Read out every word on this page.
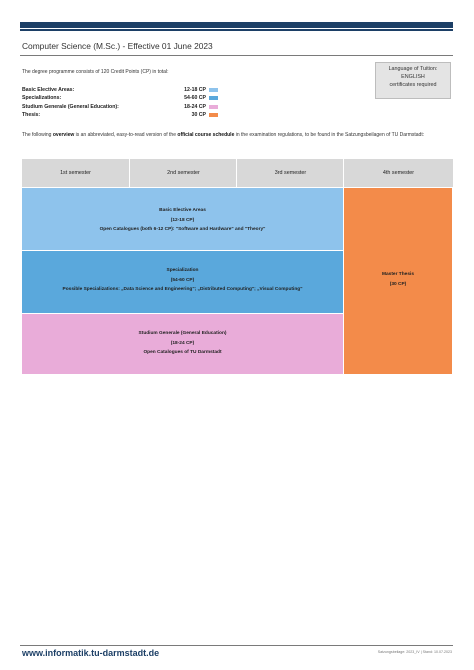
Computer Science (M.Sc.) - Effective 01 June 2023
The degree programme consists of 120 Credit Points (CP) in total:
Basic Elective Areas:	12-18 CP
Specializations:	54-60 CP
Studium Generale (General Education):	18-24 CP
Thesis:	30 CP
Language of Tuition:
ENGLISH
certificates required
The following overview is an abbreviated, easy-to-read version of the official course schedule in the examination regulations, to be found in the Satzungsbeilagen of TU Darmstadt:
1st semester	2nd semester	3rd semester	4th semester
Basic Elective Areas
(12-18 CP)
Open Catalogues (both 6-12 CP): "Software and Hardware" and "Theory"
Specialization
(54-60 CP)
Possible Specializations: „Data Science and Engineering"; „Distributed Computing"; „Visual Computing"
Studium Generale (General Education)
(18-24 CP)
Open Catalogues of TU Darmstadt
Master Thesis
(30 CP)
www.informatik.tu-darmstadt.de	Satzungsbeilage: 2023_IV | Stand: 10.07.2023
